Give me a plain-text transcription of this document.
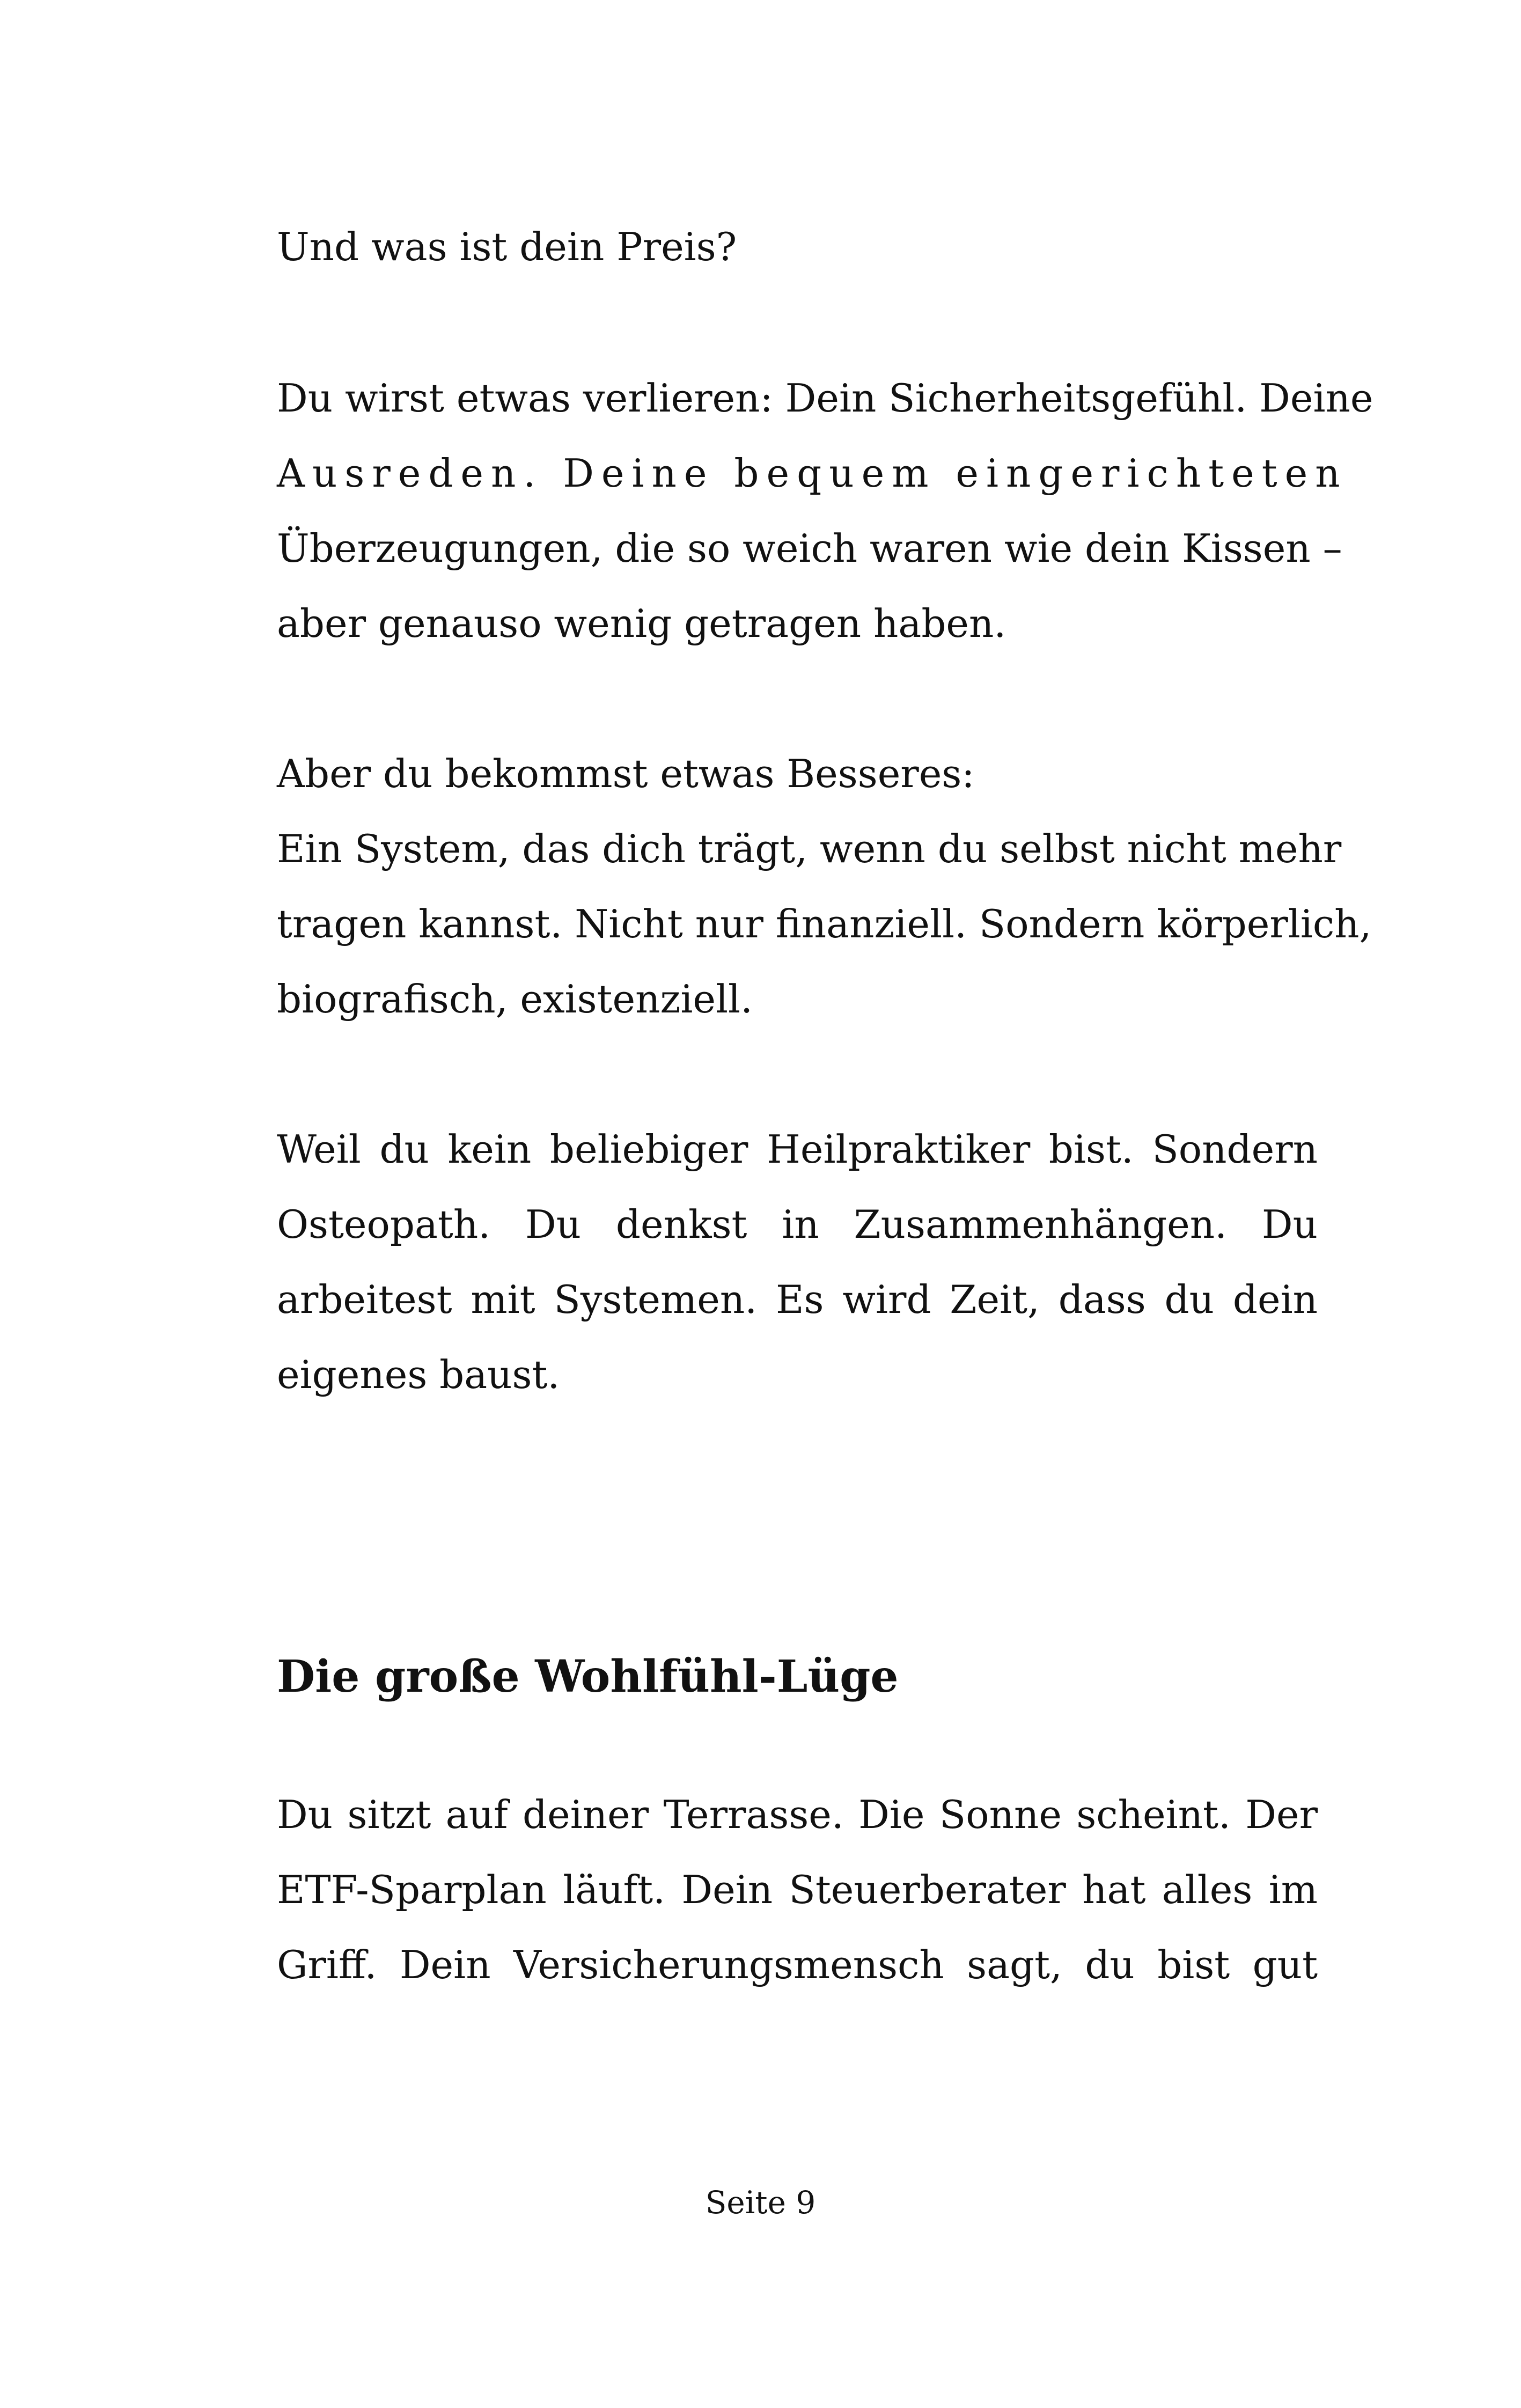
Und was ist dein Preis?

Du wirst etwas verlieren: Dein Sicherheitsgefühl. Deine

Ausreden. Deine bequem eingerichteten

Überzeugungen, die so weich waren wie dein Kissen –

aber genauso wenig getragen haben.

Aber du bekommst etwas Besseres:

Ein System, das dich trägt, wenn du selbst nicht mehr

tragen kannst. Nicht nur finanziell. Sondern körperlich,

biografisch, existenziell.

Weil du kein beliebiger Heilpraktiker bist. Sondern

Osteopath. Du denkst in Zusammenhängen. Du

arbeitest mit Systemen. Es wird Zeit, dass du dein

eigenes baust.

Die große Wohlfühl-Lüge

Du sitzt auf deiner Terrasse. Die Sonne scheint. Der

ETF-Sparplan läuft. Dein Steuerberater hat alles im

Griff. Dein Versicherungsmensch sagt, du bist gut

Seite 9
